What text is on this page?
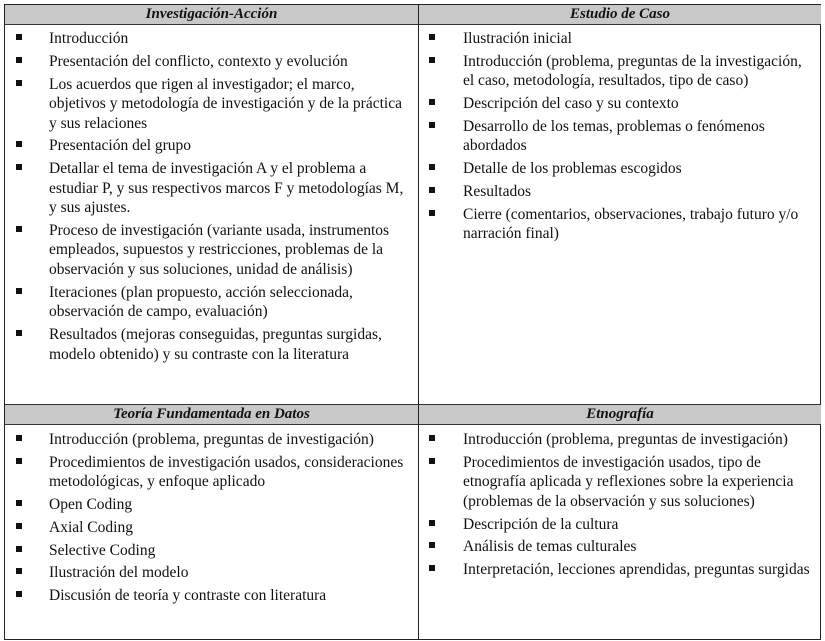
Investigación-Acción
Introducción
Presentación del conflicto, contexto y evolución
Los acuerdos que rigen al investigador; el marco, objetivos y metodología de investigación y de la práctica y sus relaciones
Presentación del grupo
Detallar el tema de investigación A y el problema a estudiar P, y sus respectivos marcos F y metodologías M, y sus ajustes.
Proceso de investigación (variante usada, instrumentos empleados, supuestos y restricciones, problemas de la observación y sus soluciones, unidad de análisis)
Iteraciones (plan propuesto, acción seleccionada, observación de campo, evaluación)
Resultados (mejoras conseguidas, preguntas surgidas, modelo obtenido) y su contraste con la literatura
Teoría Fundamentada en Datos
Introducción (problema, preguntas de investigación)
Procedimientos de investigación usados, consideraciones metodológicas, y enfoque aplicado
Open Coding
Axial Coding
Selective Coding
Ilustración del modelo
Discusión de teoría y contraste con literatura
Estudio de Caso
Ilustración inicial
Introducción (problema, preguntas de la investigación, el caso, metodología, resultados, tipo de caso)
Descripción del caso y su contexto
Desarrollo de los temas, problemas o fenómenos abordados
Detalle de los problemas escogidos
Resultados
Cierre (comentarios, observaciones, trabajo futuro y/o narración final)
Etnografía
Introducción (problema, preguntas de investigación)
Procedimientos de investigación usados, tipo de etnografía aplicada y reflexiones sobre la experiencia (problemas de la observación y sus soluciones)
Descripción de la cultura
Análisis de temas culturales
Interpretación, lecciones aprendidas, preguntas surgidas
